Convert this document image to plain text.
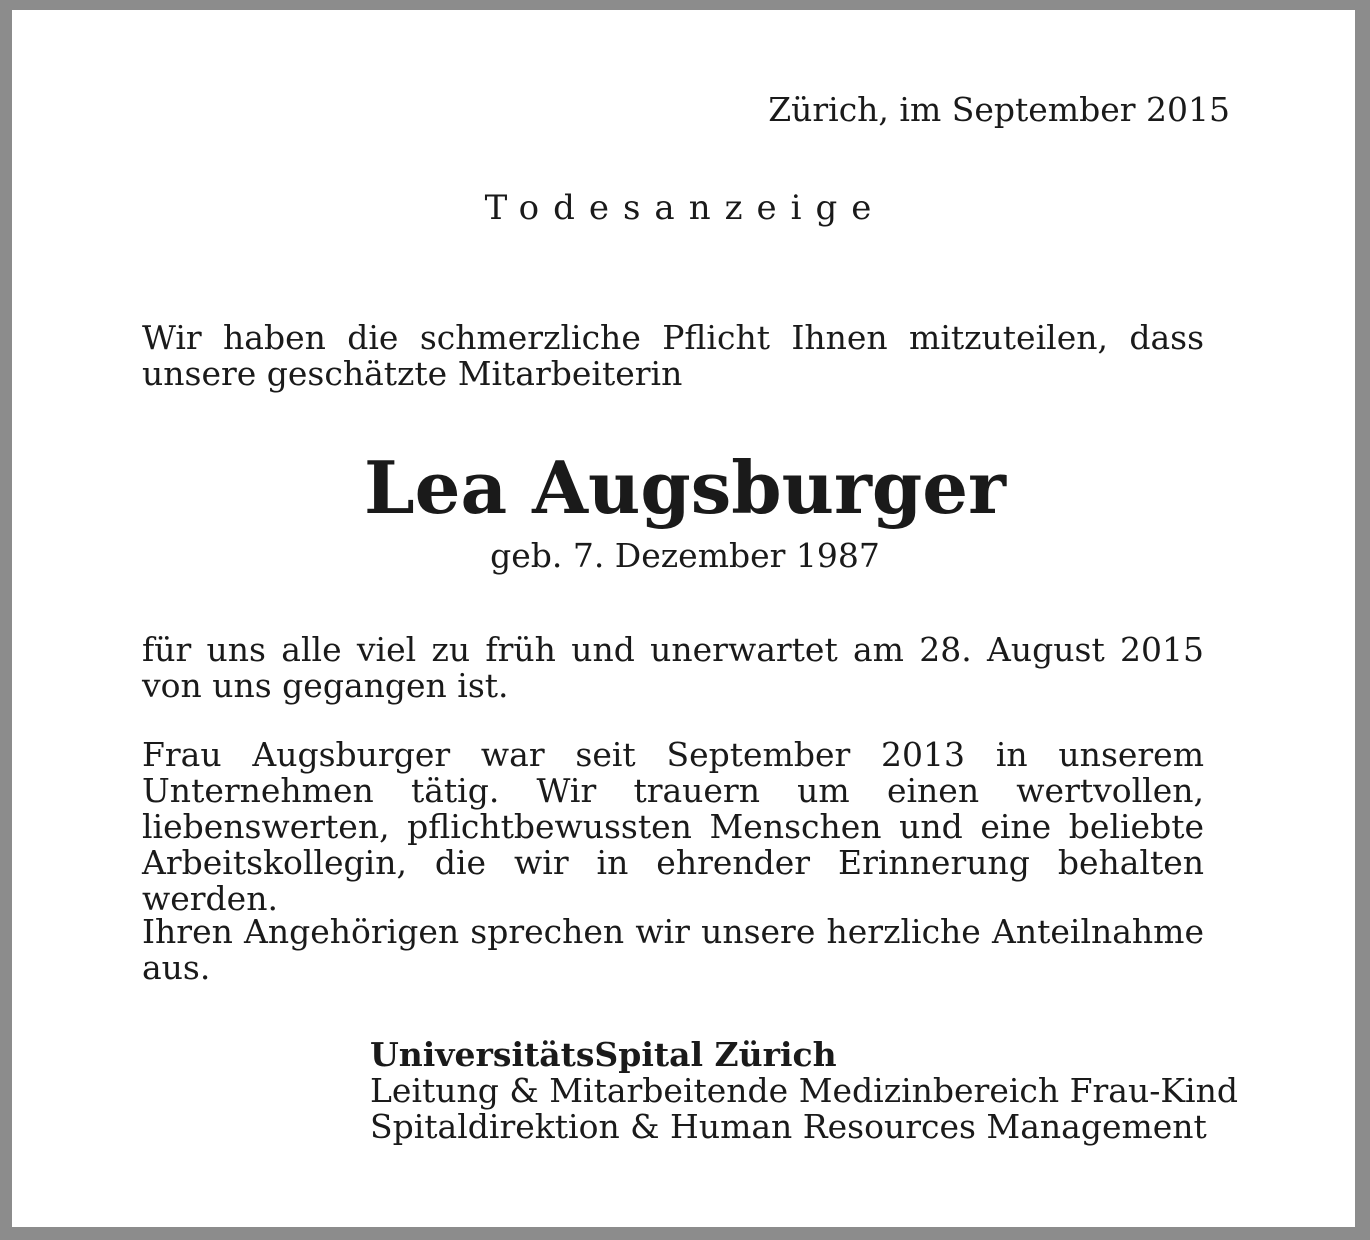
Zürich, im September 2015
Todesanzeige

Wir haben die schmerzliche Pflicht Ihnen mitzuteilen, dass unsere geschätzte Mitarbeiterin

Lea Augsburger
geb. 7. Dezember 1987

für uns alle viel zu früh und unerwartet am 28. August 2015 von uns gegangen ist.

Frau Augsburger war seit September 2013 in unserem Unternehmen tätig. Wir trauern um einen wertvollen, liebenswerten, pflichtbewussten Menschen und eine beliebte Arbeitskollegin, die wir in ehrender Erinnerung behalten werden.

Ihren Angehörigen sprechen wir unsere herzliche Anteilnahme aus.

UniversitätsSpital Zürich
Leitung & Mitarbeitende Medizinbereich Frau-Kind
Spitaldirektion & Human Resources Management
